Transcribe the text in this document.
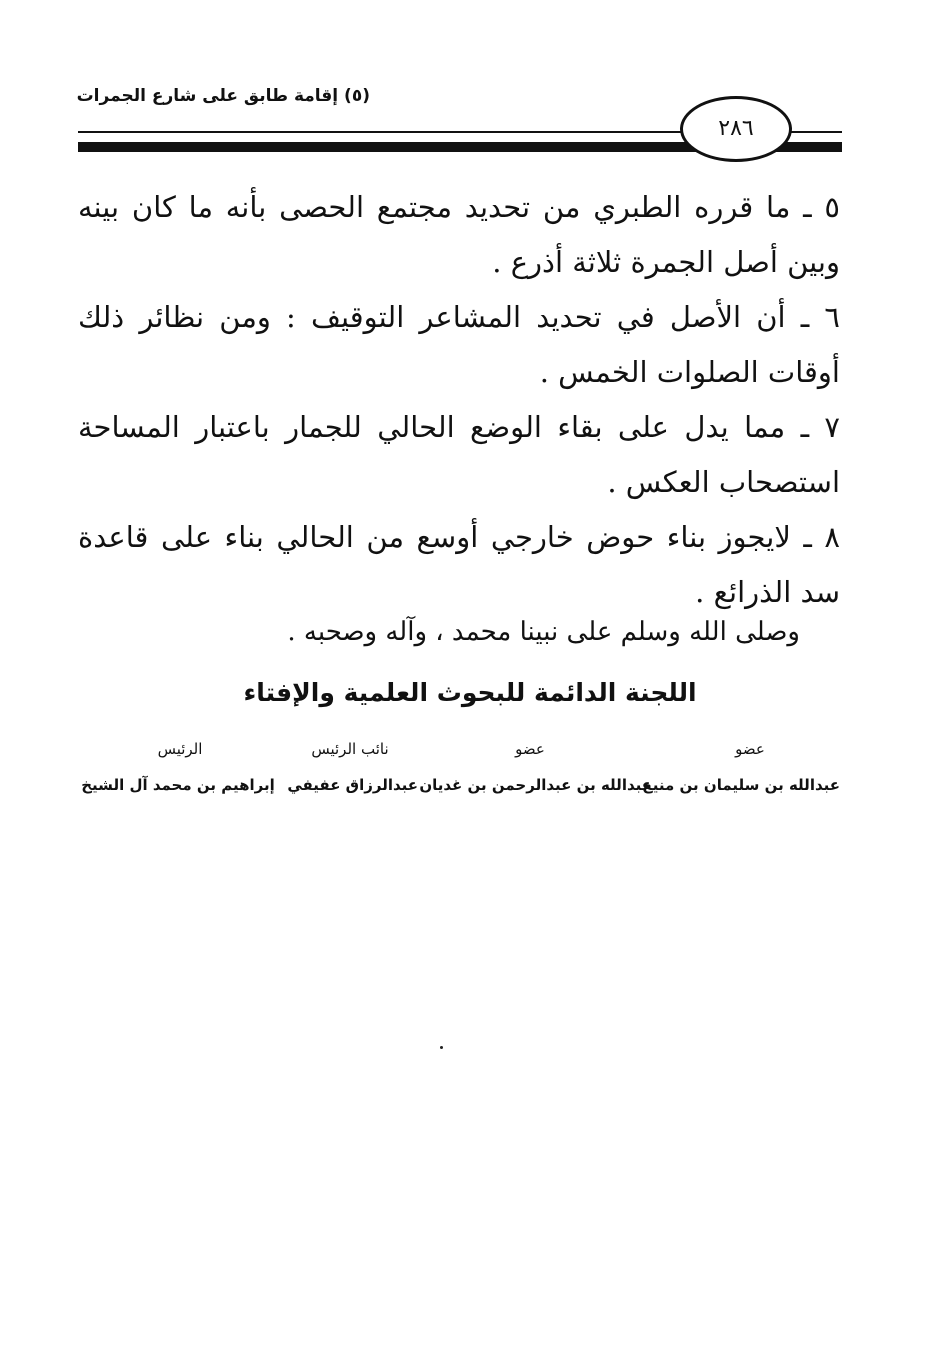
(٥) إقامة طابق على شارع الجمرات
٢٨٦

٥ ـ ما قرره الطبري من تحديد مجتمع الحصى بأنه ما كان بينه وبين أصل الجمرة ثلاثة أذرع .

٦ ـ أن الأصل في تحديد المشاعر التوقيف : ومن نظائر ذلك أوقات الصلوات الخمس .

٧ ـ مما يدل على بقاء الوضع الحالي للجمار باعتبار المساحة استصحاب العكس .

٨ ـ لايجوز بناء حوض خارجي أوسع من الحالي بناء على قاعدة سد الذرائع .

وصلى الله وسلم على نبينا محمد ، وآله وصحبه .
اللجنة الدائمة للبحوث العلمية والإفتاء
عضو
عضو
نائب الرئيس
الرئيس
عبدالله بن سليمان بن منيع
عبدالله بن عبدالرحمن بن غديان
عبدالرزاق عفيفي
إبراهيم بن محمد آل الشيخ
